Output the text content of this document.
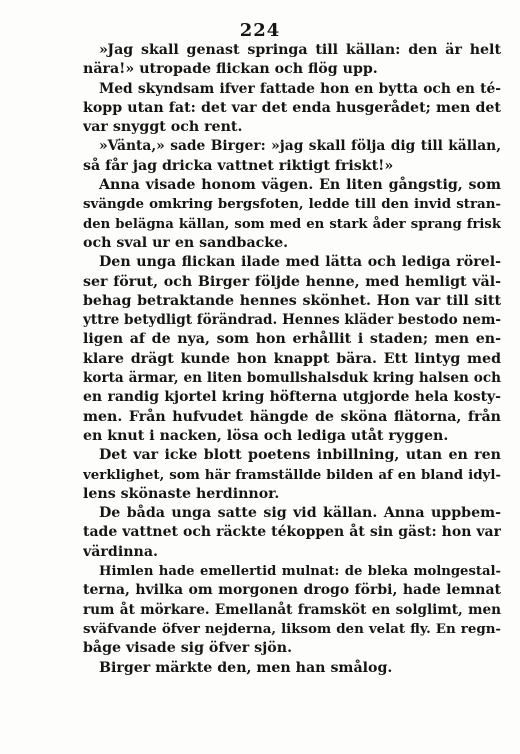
224
»Jag skall genast springa till källan: den är helt
nära!» utropade flickan och flög upp.
Med skyndsam ifver fattade hon en bytta och en té-
kopp utan fat: det var det enda husgerådet; men det
var snyggt och rent.
»Vänta,» sade Birger: »jag skall följa dig till källan,
så får jag dricka vattnet riktigt friskt!»
Anna visade honom vägen. En liten gångstig, som
svängde omkring bergsfoten, ledde till den invid stran-
den belägna källan, som med en stark åder sprang frisk
och sval ur en sandbacke.
Den unga flickan ilade med lätta och lediga rörel-
ser förut, och Birger följde henne, med hemligt väl-
behag betraktande hennes skönhet. Hon var till sitt
yttre betydligt förändrad. Hennes kläder bestodo nem-
ligen af de nya, som hon erhållit i staden; men en-
klare drägt kunde hon knappt bära. Ett lintyg med
korta ärmar, en liten bomullshalsduk kring halsen och
en randig kjortel kring höfterna utgjorde hela kosty-
men. Från hufvudet hängde de sköna flätorna, från
en knut i nacken, lösa och lediga utåt ryggen.
Det var icke blott poetens inbillning, utan en ren
verklighet, som här framställde bilden af en bland idyl-
lens skönaste herdinnor.
De båda unga satte sig vid källan. Anna uppbem-
tade vattnet och räckte tékoppen åt sin gäst: hon var
värdinna.
Himlen hade emellertid mulnat: de bleka molngestal-
terna, hvilka om morgonen drogo förbi, hade lemnat
rum åt mörkare. Emellanåt framsköt en solglimt, men
sväfvande öfver nejderna, liksom den velat fly. En regn-
båge visade sig öfver sjön.
Birger märkte den, men han smålog.
